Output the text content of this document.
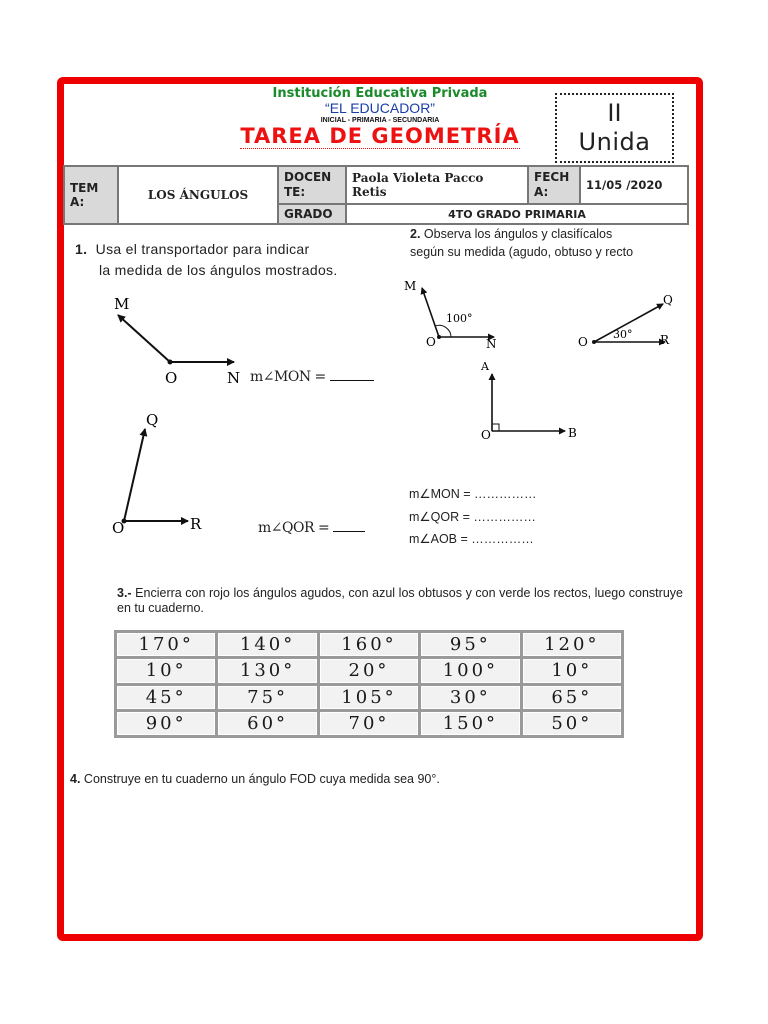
Institución Educativa Privada
“EL EDUCADOR”
INICIAL - PRIMARIA - SECUNDARIA
TAREA DE GEOMETRÍA
II
Unida
TEM A:	LOS ÁNGULOS	DOCEN TE:	Paola Violeta Pacco Retis	FECH A:	11/05 /2020
		GRADO	4TO GRADO PRIMARIA		
1. Usa el transportador para indicar
la medida de los ángulos mostrados.
M
O	N
Q
O	R
m∠MON =
m∠QOR =
2. Observa los ángulos y clasifícalos
según su medida (agudo, obtuso y recto
M
O	N
100°
O
Q
R
30°
A
O	B
m∠MON = ……………
m∠QOR = ……………
m∠AOB = ……………
3.- Encierra con rojo los ángulos agudos, con azul los obtusos y con verde los rectos, luego construye en tu cuaderno.
170°	140°	160°	95°	120°
10°	130°	20°	100°	10°
45°	75°	105°	30°	65°
90°	60°	70°	150°	50°
4. Construye en tu cuaderno un ángulo FOD cuya medida sea 90°.
